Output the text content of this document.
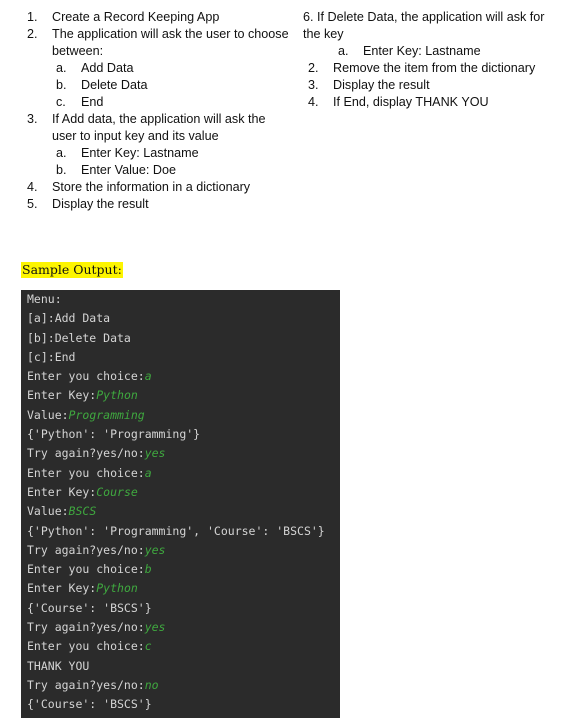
1.	Create a Record Keeping App
2.	The application will ask the user to choose between:
a. Add Data
b. Delete Data
c. End
3.	If Add data, the application will ask the user to input key and its value
a. Enter Key: Lastname
b. Enter Value: Doe
4.	Store the information in a dictionary
5.	Display the result
6. If Delete Data, the application will ask for the key
a. Enter Key: Lastname
2.	Remove the item from the dictionary
3.	Display the result
4.	If End, display THANK YOU
Sample Output:
Menu:
[a]:Add Data
[b]:Delete Data
[c]:End
Enter you choice:a
Enter Key:Python
Value:Programming
{'Python': 'Programming'}
Try again?yes/no:yes
Enter you choice:a
Enter Key:Course
Value:BSCS
{'Python': 'Programming', 'Course': 'BSCS'}
Try again?yes/no:yes
Enter you choice:b
Enter Key:Python
{'Course': 'BSCS'}
Try again?yes/no:yes
Enter you choice:c
THANK YOU
Try again?yes/no:no
{'Course': 'BSCS'}
